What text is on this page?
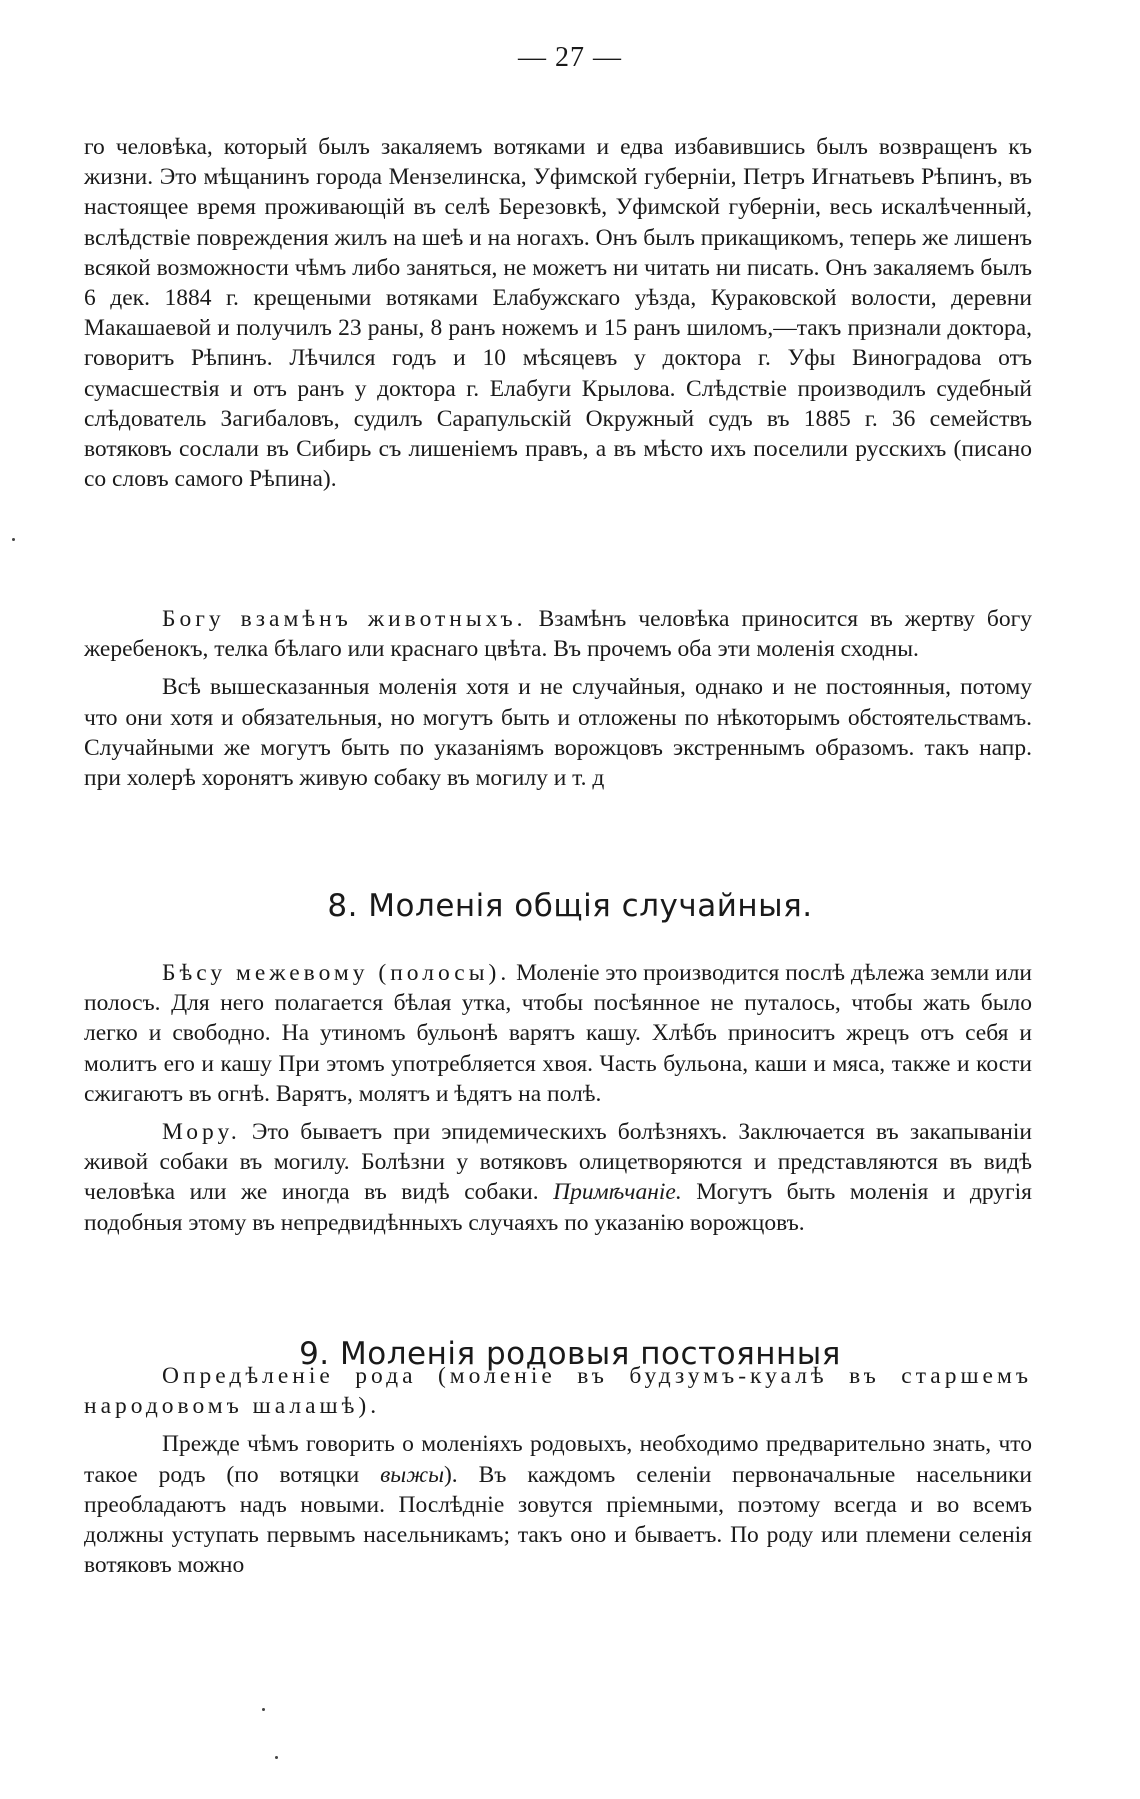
— 27 —

го человѣка, который былъ закаляемъ вотяками и едва избавившись былъ возвращенъ къ жизни. Это мѣщанинъ города Мензелинска, Уфимской губерніи, Петръ Игнатьевъ Рѣпинъ, въ настоящее время проживающій въ селѣ Березовкѣ, Уфимской губерніи, весь искалѣченный, вслѣдствіе повреждения жилъ на шеѣ и на ногахъ. Онъ былъ прикащикомъ, теперь же лишенъ всякой возможности чѣмъ либо заняться, не можетъ ни читать ни писать. Онъ закаляемъ былъ 6 дек. 1884 г. крещеными вотяками Елабужскаго уѣзда, Кураковской волости, деревни Макашаевой и получилъ 23 раны, 8 ранъ ножемъ и 15 ранъ шиломъ,—такъ признали доктора, говоритъ Рѣпинъ. Лѣчился годъ и 10 мѣсяцевъ у доктора г. Уфы Виноградова отъ сумасшествія и отъ ранъ у доктора г. Елабуги Крылова. Слѣдствіе производилъ судебный слѣдователь Загибаловъ, судилъ Сарапульскій Окружный судъ въ 1885 г. 36 семействъ вотяковъ сослали въ Сибирь съ лишеніемъ правъ, а въ мѣсто ихъ поселили русскихъ (писано со словъ самого Рѣпина).

Богу взамѣнъ животныхъ. Взамѣнъ человѣка приносится въ жертву богу жеребенокъ, телка бѣлаго или краснаго цвѣта. Въ прочемъ оба эти моленія сходны.

Всѣ вышесказанныя моленія хотя и не случайныя, однако и не постоянныя, потому что они хотя и обязательныя, но могутъ быть и отложены по нѣкоторымъ обстоятельствамъ. Случайными же могутъ быть по указаніямъ ворожцовъ экстреннымъ образомъ. такъ напр. при холерѣ хоронятъ живую собаку въ могилу и т. д

8. Моленія общія случайныя.

Бѣсу межевому (полосы). Моленіе это производится послѣ дѣлежа земли или полосъ. Для него полагается бѣлая утка, чтобы посѣянное не путалось, чтобы жать было легко и свободно. На утиномъ бульонѣ варятъ кашу. Хлѣбъ приноситъ жрецъ отъ себя и молитъ его и кашу При этомъ употребляется хвоя. Часть бульона, каши и мяса, также и кости сжигаютъ въ огнѣ. Варятъ, молятъ и ѣдятъ на полѣ.

Мору. Это бываетъ при эпидемическихъ болѣзняхъ. Заключается въ закапываніи живой собаки въ могилу. Болѣзни у вотяковъ олицетворяются и представляются въ видѣ человѣка или же иногда въ видѣ собаки. Примѣчаніе. Могутъ быть моленія и другія подобныя этому въ непредвидѣнныхъ случаяхъ по указанію ворожцовъ.

9. Моленія родовыя постоянныя

Опредѣленіе рода (моленіе въ будзумъ-куалѣ въ старшемъ народовомъ шалашѣ).

Прежде чѣмъ говорить о моленіяхъ родовыхъ, необходимо предварительно знать, что такое родъ (по вотяцки выжы). Въ каждомъ селеніи первоначальные насельники преобладаютъ надъ новыми. Послѣдніе зовутся пріемными, поэтому всегда и во всемъ должны уступать первымъ насельникамъ; такъ оно и бываетъ. По роду или племени селенія вотяковъ можно
